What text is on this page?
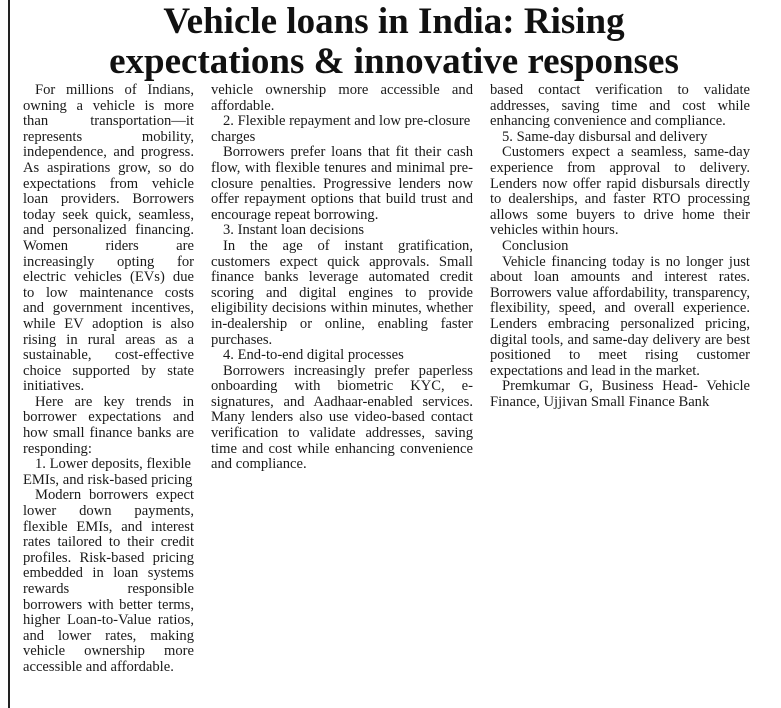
Vehicle loans in India: Rising
expectations & innovative responses

For millions of Indians, owning a vehicle is more than transportation—it represents mobility, independence, and progress. As aspirations grow, so do expectations from vehicle loan providers. Borrowers today seek quick, seamless, and personalized financing. Women riders are increasingly opting for electric vehicles (EVs) due to low maintenance costs and government incentives, while EV adoption is also rising in rural areas as a sustainable, cost-effective choice supported by state initiatives.

Here are key trends in borrower expectations and how small finance banks are responding:

1. Lower deposits, flexible EMIs, and risk-based pricing

Modern borrowers expect lower down payments, flexible EMIs, and interest rates tailored to their credit profiles. Risk-based pricing embedded in loan systems rewards responsible borrowers with better terms, higher Loan-to-Value ratios, and lower rates, making vehicle ownership more accessible and affordable.

vehicle ownership more accessible and affordable.

2. Flexible repayment and low pre-closure charges

Borrowers prefer loans that fit their cash flow, with flexible tenures and minimal pre-closure penalties. Progressive lenders now offer repayment options that build trust and encourage repeat borrowing.

3. Instant loan decisions

In the age of instant gratification, customers expect quick approvals. Small finance banks leverage automated credit scoring and digital engines to provide eligibility decisions within minutes, whether in-dealership or online, enabling faster purchases.

4. End-to-end digital processes

Borrowers increasingly prefer paperless onboarding with biometric KYC, e-signatures, and Aadhaar-enabled services. Many lenders also use video-based contact verification to validate addresses, saving time and cost while enhancing convenience and compliance.

based contact verification to validate addresses, saving time and cost while enhancing convenience and compliance.

5. Same-day disbursal and delivery

Customers expect a seamless, same-day experience from approval to delivery. Lenders now offer rapid disbursals directly to dealerships, and faster RTO processing allows some buyers to drive home their vehicles within hours.

Conclusion

Vehicle financing today is no longer just about loan amounts and interest rates. Borrowers value affordability, transparency, flexibility, speed, and overall experience. Lenders embracing personalized pricing, digital tools, and same-day delivery are best positioned to meet rising customer expectations and lead in the market.

Premkumar G, Business Head- Vehicle Finance, Ujjivan Small Finance Bank
